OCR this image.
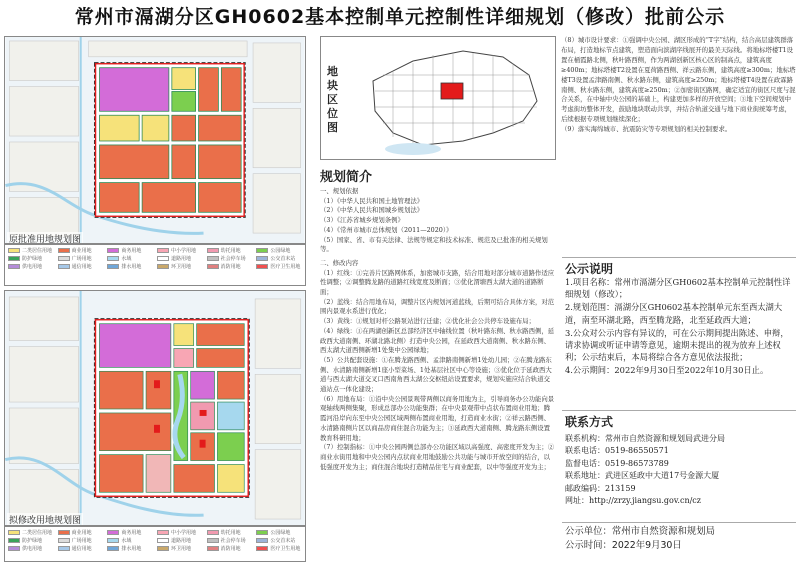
常州市滆湖分区GH0602基本控制单元控制性详细规划（修改）批前公示
原批准用地规划图
二类居住用地	商业用地	商务用地	中小学用地	幼托用地	公园绿地
防护绿地	广场用地	水域	道路用地	社会停车场	公交首末站
供电用地	通信用地	排水用地	环卫用地	消防用地	医疗卫生用地
拟修改用地规划图
二类居住用地	商业用地	商务用地	中小学用地	幼托用地	公园绿地
防护绿地	广场用地	水域	道路用地	社会停车场	公交首末站
供电用地	通信用地	排水用地	环卫用地	消防用地	医疗卫生用地
地块区位图
规划简介

一、规划依据

（1）《中华人民共和国土地管理法》

（2）《中华人民共和国城乡规划法》

（3）《江苏省城乡规划条例》

（4）《常州市城市总体规划（2011—2020）》

（5）国家、省、市有关法律、法规等规定和技术标准、规范及已批准的相关规划等。

二、修改内容

（1）红线：①完善片区路网体系，加密城市支路，结合用地对部分城市道路作适应性调整；②调整腾龙路的道路红线宽度及断面；③优化渭塘西太湖大道的道路断面；

（2）蓝线：结合用地布局，调整片区内规划河道蓝线，后期可结合具体方案，对范围内景观水系进行优化；

（3）黄线：①规划对杆公路泵站进行迁建；②优化社会公共停车设施布局；

（4）绿线：①在两湖创新区总部经济区中轴线位置（秋叶路东侧、秋水路西侧，延政西大道南侧、环湖北路北侧）打造中央公园，在延政西大道南侧、秋水路东侧、西太湖大道西侧新增1处集中公园绿地；

（5）公共配套设施：①在腾龙路西侧、孟津路南侧新增1处幼儿园；②在腾龙路东侧、水清路南侧新增1座小型菜场、1处基层社区中心等设施；③优化位于延政西大道与西太湖大道交叉口西南角西太湖公交枢纽站设置要求，规划实施应结合轨道交通站点一体化建设；

（6）用地布局：①沿中央公园景观带两侧以商务用地为主，引导商务办公功能向景观轴线两侧集聚，形成总部办公功能集群；在中央景观带中点状布置商业用地；腾霞河沿岸向东至中央公园区域两侧布置商业用地，打造商业水街；②祥云路西侧、水清路南侧片区以商品房商住混合功能为主；③延政西大道南侧、腾龙路东侧设置教育科研用地；

（7）控制指标：①中央公园两侧总部办公功能区域以高强度、高密度开发为主；②商业水街用地和中央公园内点状商业用地鼓励公共功能与城市开放空间的结合，以低强度开发为主；商住混合地块打造精品住宅与商业配套，以中等强度开发为主；

（8）城市设计要求：①强调中央公园、湖区形成的“T字”结构，结合高层建筑群落布局，打造地标节点建筑，塑造面向滨湖序线展开的最美天际线。将地标塔楼T1设置在桶霞路北侧，秋叶路西侧，作为两湖创新区核心区的制高点，建筑高度≥400m；地标塔楼T2设置在夏荷路西侧、祥云路东侧，建筑高度≥300m；地标塔楼T3设置孟津路南侧、秋水路东侧，建筑高度≥250m；地标塔楼T4设置在政霖路南侧、秋水路东侧，建筑高度≥250m；②加密街区路网，确定适宜的街区尺度与混合关系，在中轴中央公园的基础上，构建更加多样的开放空间；③地下空间规划中考虑街坊整体开发，鼓励地块联动共享，并结合轨道交通与地下商业街统筹考虑，后续根据专项规划继续深化；

（9）落实海绵城市、抗震防灾等专项规划的相关控制要求。

公示说明

1.项目名称：常州市滆湖分区GH0602基本控制单元控制性详细规划（修改）；

2.规划范围：滆湖分区GH0602基本控制单元东至西太湖大道，南至环湖北路，西至腾龙路，北至延政西大道；

3.公众对公示内容有异议的，可在公示期间提出陈述、申辩，请求协调或听证申请等意见，逾期未提出的视为放弃上述权利；公示结束后，本局将综合各方意见依法报批；

4.公示期间：2022年9月30日至2022年10月30日止。

联系方式

联系机构：常州市自然资源和规划局武进分局

联系电话：0519-86550571

监督电话：0519-86573789

联系地址：武进区延政中大道17号金源大厦

邮政编码：213159

网址：http://zrzy.jiangsu.gov.cn/cz

公示单位：常州市自然资源和规划局
公示时间：2022年9月30日
